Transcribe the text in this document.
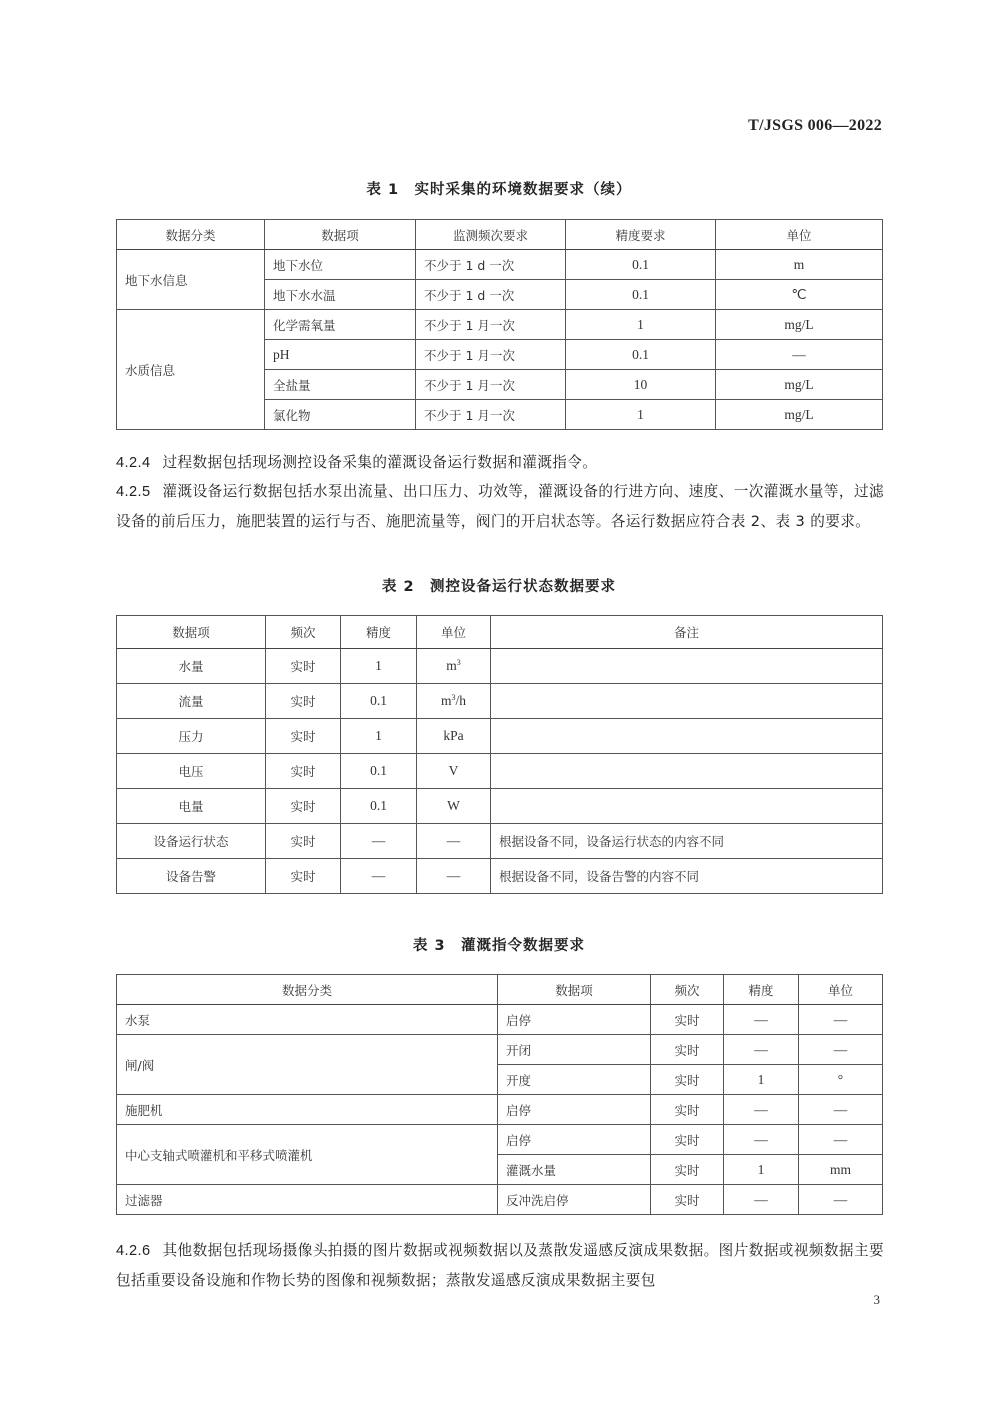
T/JSGS 006—2022
表 1　实时采集的环境数据要求（续）
数据分类	数据项	监测频次要求	精度要求	单位
地下水信息	地下水位	不少于 1 d 一次	0.1	m
	地下水水温	不少于 1 d 一次	0.1	℃
水质信息	化学需氧量	不少于 1 月一次	1	mg/L
	pH	不少于 1 月一次	0.1	—
	全盐量	不少于 1 月一次	10	mg/L
	氯化物	不少于 1 月一次	1	mg/L
4.2.4 过程数据包括现场测控设备采集的灌溉设备运行数据和灌溉指令。
4.2.5 灌溉设备运行数据包括水泵出流量、出口压力、功效等，灌溉设备的行进方向、速度、一次灌溉水量等，过滤设备的前后压力，施肥装置的运行与否、施肥流量等，阀门的开启状态等。各运行数据应符合表 2、表 3 的要求。
表 2　测控设备运行状态数据要求
数据项	频次	精度	单位	备注
水量	实时	1	$m^3$	
流量	实时	0.1	$m^3/h$	
压力	实时	1	kPa	
电压	实时	0.1	V	
电量	实时	0.1	W	
设备运行状态	实时	—	—	根据设备不同，设备运行状态的内容不同
设备告警	实时	—	—	根据设备不同，设备告警的内容不同
表 3　灌溉指令数据要求
数据分类	数据项	频次	精度	单位
水泵	启停	实时	—	—
闸/阀	开闭	实时	—	—
	开度	实时	1	°
施肥机	启停	实时	—	—
中心支轴式喷灌机和平移式喷灌机	启停	实时	—	—
	灌溉水量	实时	1	mm
过滤器	反冲洗启停	实时	—	—
4.2.6 其他数据包括现场摄像头拍摄的图片数据或视频数据以及蒸散发遥感反演成果数据。图片数据或视频数据主要包括重要设备设施和作物长势的图像和视频数据；蒸散发遥感反演成果数据主要包
3
